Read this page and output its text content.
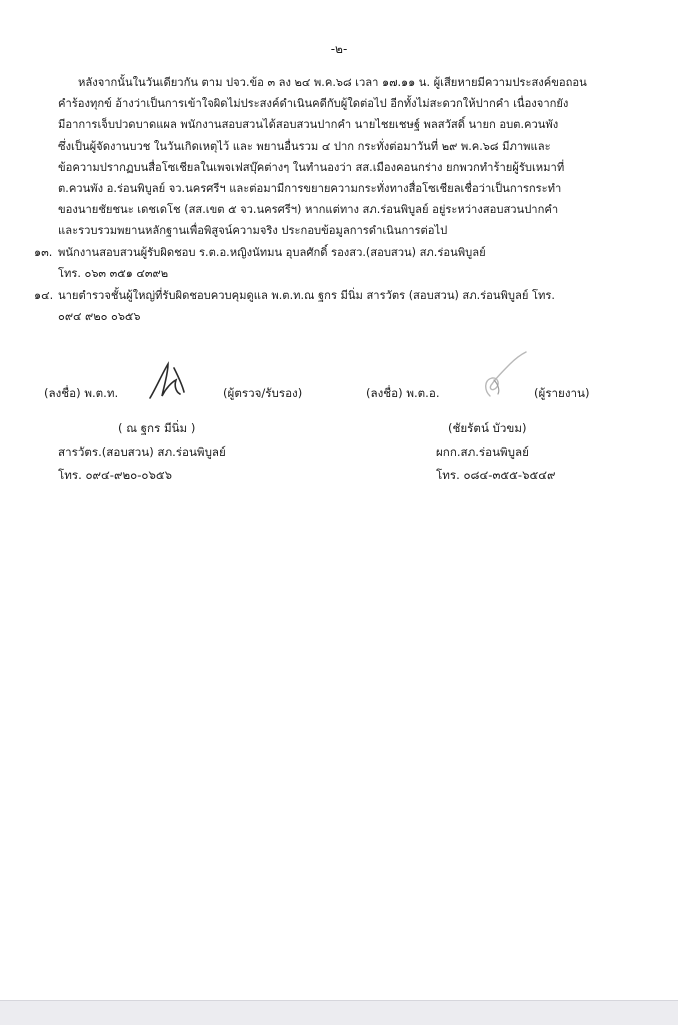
-๒-
หลังจากนั้นในวันเดียวกัน ตาม ปจว.ข้อ ๓ ลง ๒๔ พ.ค.๖๘ เวลา ๑๗.๑๑ น. ผู้เสียหายมีความประสงค์ขอถอน
คำร้องทุกข์ อ้างว่าเป็นการเข้าใจผิดไม่ประสงค์ดำเนินคดีกับผู้ใดต่อไป อีกทั้งไม่สะดวกให้ปากคำ เนื่องจากยัง
มีอาการเจ็บปวดบาดแผล พนักงานสอบสวนได้สอบสวนปากคำ นายไชยเชษฐ์ พลสวัสดิ์ นายก อบต.ควนพัง
ซึ่งเป็นผู้จัดงานบวช ในวันเกิดเหตุไว้ และ พยานอื่นรวม ๔ ปาก กระทั่งต่อมาวันที่ ๒๙ พ.ค.๖๘ มีภาพและ
ข้อความปรากฏบนสื่อโซเชียลในเพจเฟสบุ๊คต่างๆ ในทำนองว่า สส.เมืองคอนกร่าง ยกพวกทำร้ายผู้รับเหมาที่
ต.ควนพัง อ.ร่อนพิบูลย์ จว.นครศรีฯ และต่อมามีการขยายความกระทั่งทางสื่อโซเชียลเชื่อว่าเป็นการกระทำ
ของนายชัยชนะ เดชเดโช (สส.เขต ๕ จว.นครศรีฯ) หากแต่ทาง สภ.ร่อนพิบูลย์ อยู่ระหว่างสอบสวนปากคำ
และรวบรวมพยานหลักฐานเพื่อพิสูจน์ความจริง ประกอบข้อมูลการดำเนินการต่อไป
๑๓. พนักงานสอบสวนผู้รับผิดชอบ ร.ต.อ.หญิงนัทมน อุบลศักดิ์ รองสว.(สอบสวน) สภ.ร่อนพิบูลย์
โทร. ๐๖๓ ๓๕๑ ๔๓๙๒
๑๔. นายตำรวจชั้นผู้ใหญ่ที่รับผิดชอบควบคุมดูแล พ.ต.ท.ณ ฐกร มีนิ่ม สารวัตร (สอบสวน) สภ.ร่อนพิบูลย์ โทร.
๐๙๔ ๙๒๐ ๐๖๕๖
(ลงชื่อ) พ.ต.ท.	(ผู้ตรวจ/รับรอง)
( ณ ฐกร มีนิ่ม )
สารวัตร.(สอบสวน) สภ.ร่อนพิบูลย์
โทร. ๐๙๔-๙๒๐-๐๖๕๖
(ลงชื่อ) พ.ต.อ.	(ผู้รายงาน)
(ชัยรัตน์ บัวขม)
ผกก.สภ.ร่อนพิบูลย์
โทร. ๐๘๔-๓๕๕-๖๕๔๙
